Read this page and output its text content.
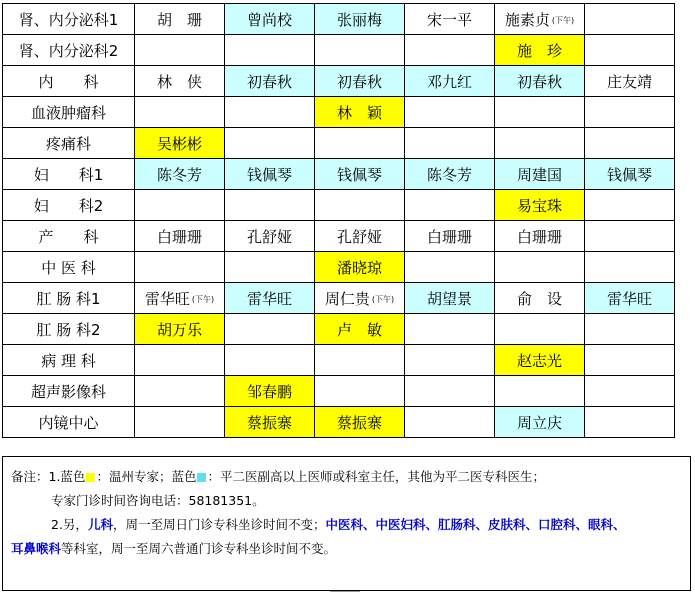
肾、内分泌科1	胡　珊	曾尚校	张丽梅	宋一平	施素贞 (下午)	
肾、内分泌科2					施　珍	
内　　科	林　侠	初春秋	初春秋	邓九红	初春秋	庄友靖
血液肿瘤科			林　颖			
疼痛科	吴彬彬					
妇　　科1	陈冬芳	钱佩琴	钱佩琴	陈冬芳	周建国	钱佩琴
妇　　科2					易宝珠	
产　　科	白珊珊	孔舒娅	孔舒娅	白珊珊	白珊珊	
中 医 科			潘晓琼			
肛 肠 科1	雷华旺 (下午)	雷华旺	周仁贵 (下午)	胡望景	俞　设	雷华旺
肛 肠 科2	胡万乐		卢　敏			
病 理 科					赵志光	
超声影像科		邹春鹏				
内镜中心		蔡振寨	蔡振寨		周立庆	
备注：1.蓝色 ：温州专家；蓝色 ：平二医副高以上医师或科室主任，其他为平二医专科医生；
专家门诊时间咨询电话：58181351。
2.另，儿科，周一至周日门诊专科坐诊时间不变；中医科、中医妇科、肛肠科、皮肤科、口腔科、眼科、
耳鼻喉科等科室，周一至周六普通门诊专科坐诊时间不变。
